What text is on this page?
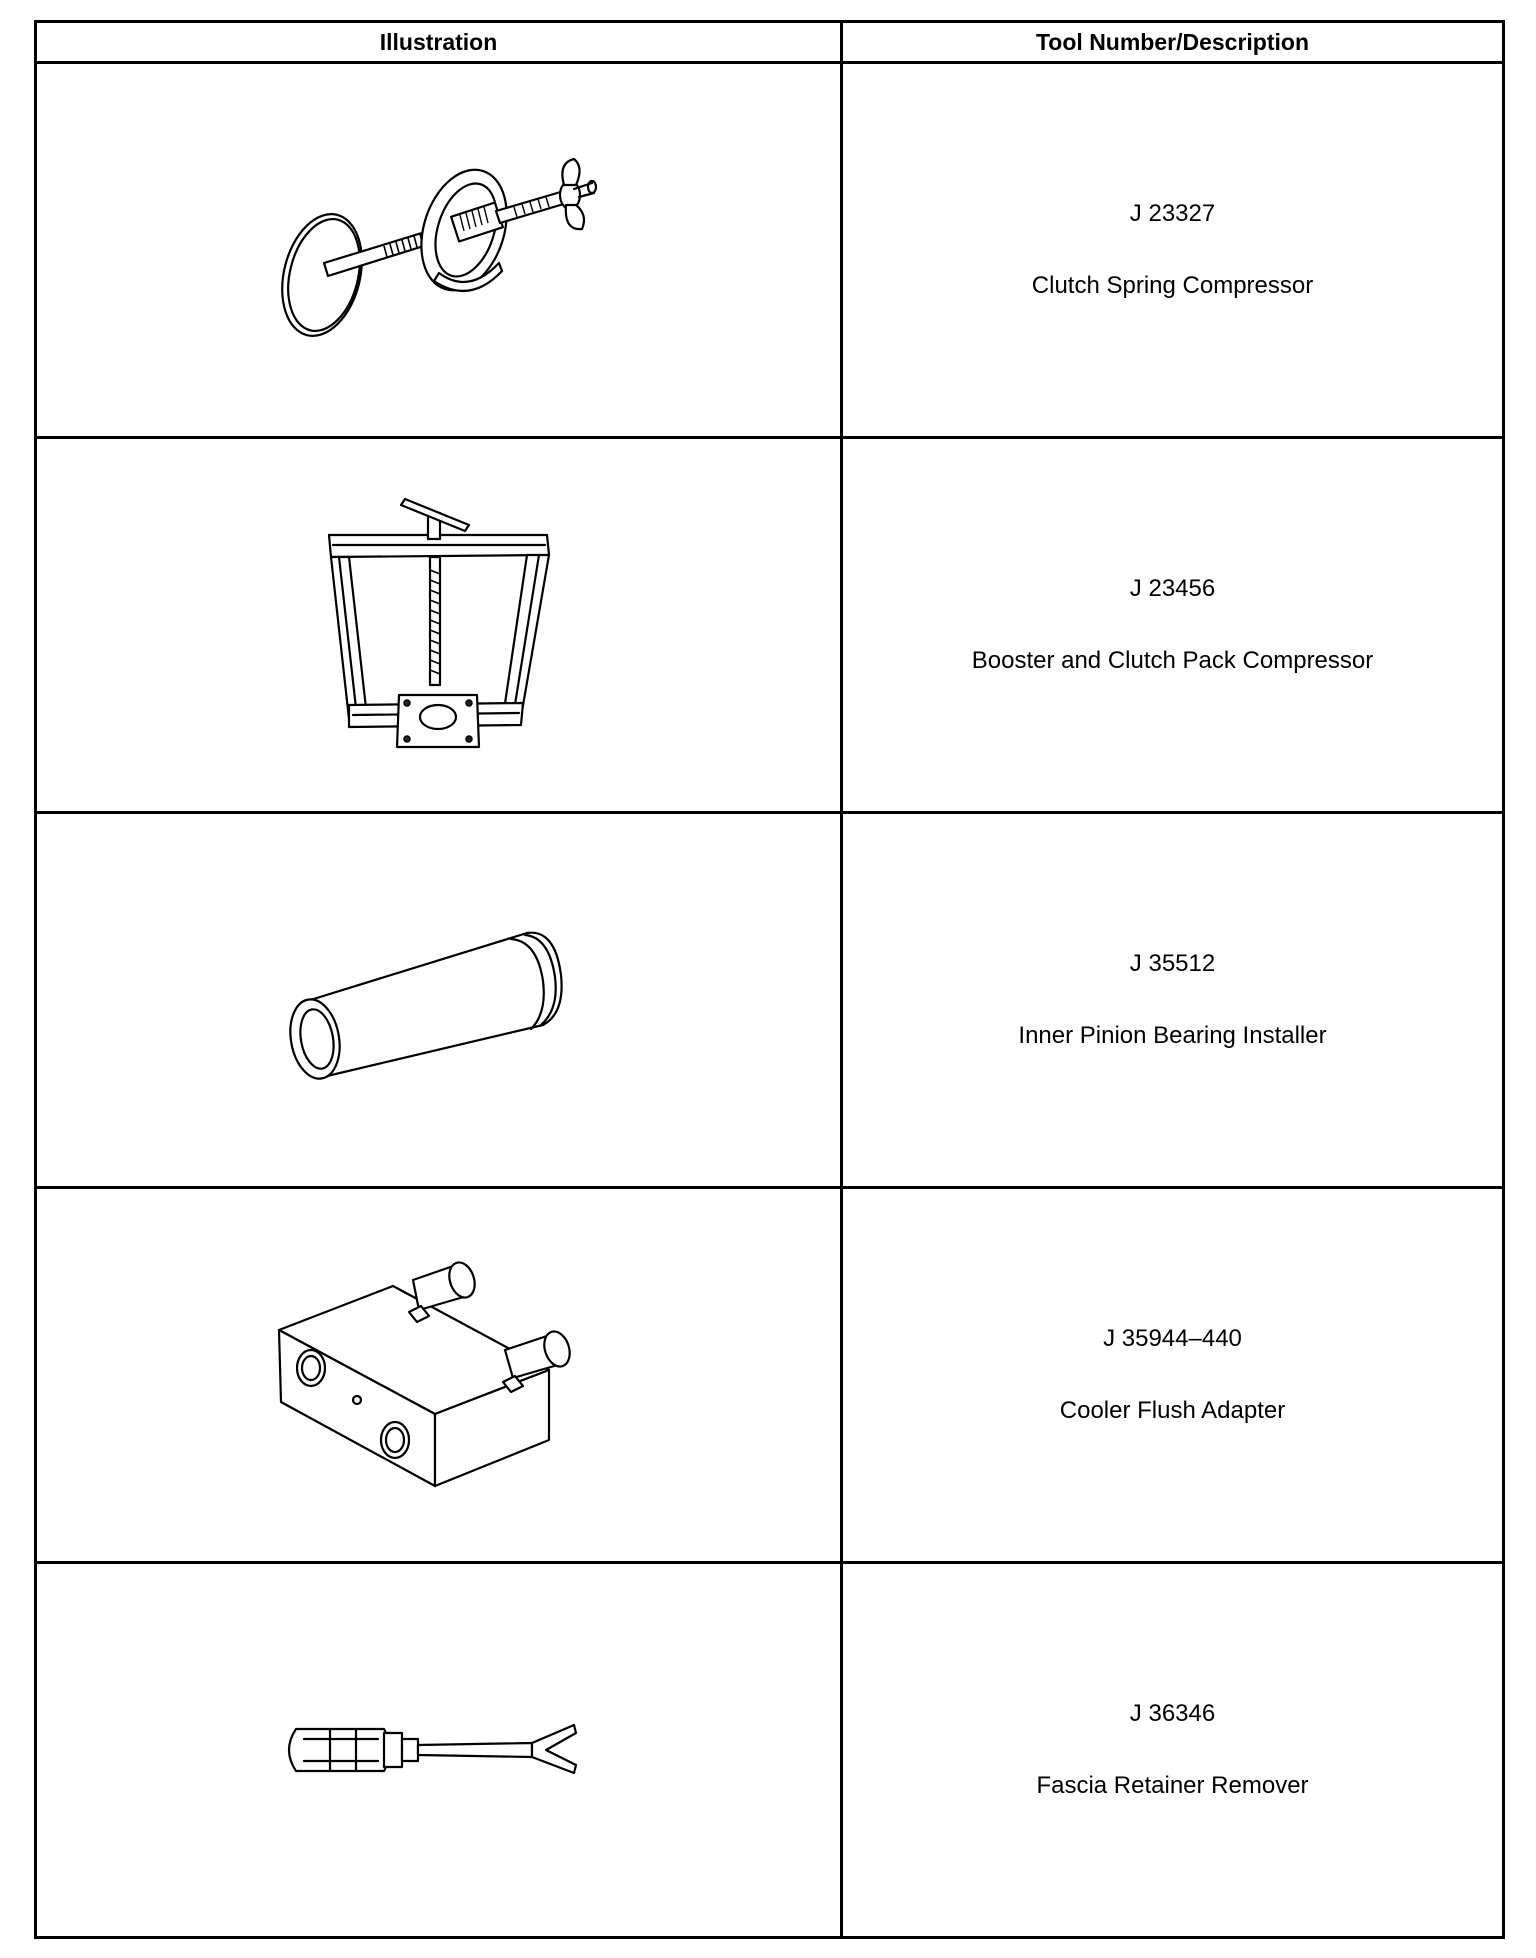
Illustration	Tool Number/Description

J 23327
Clutch Spring Compressor

J 23456
Booster and Clutch Pack Compressor

J 35512
Inner Pinion Bearing Installer

J 35944–440
Cooler Flush Adapter

J 36346
Fascia Retainer Remover
